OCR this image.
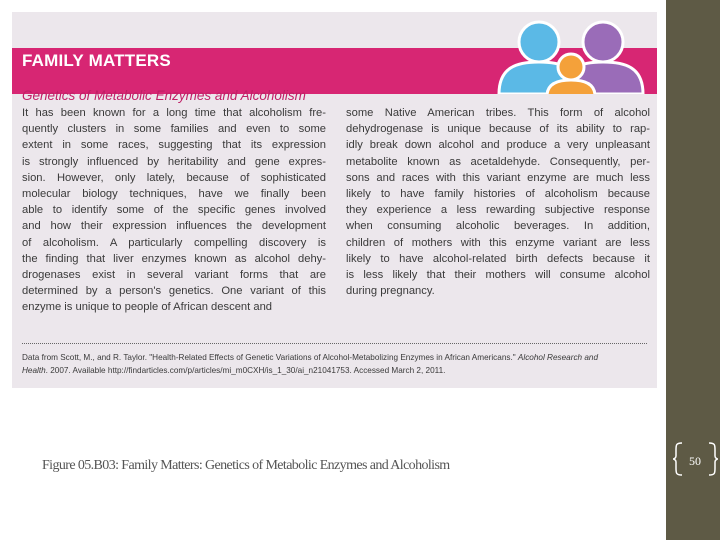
FAMILY MATTERS
Genetics of Metabolic Enzymes and Alcoholism

It has been known for a long time that alcoholism fre-

quently clusters in some families and even to some

extent in some races, suggesting that its expression

is strongly influenced by heritability and gene expres-

sion. However, only lately, because of sophisticated

molecular biology techniques, have we finally been

able to identify some of the specific genes involved

and how their expression influences the development

of alcoholism. A particularly compelling discovery is

the finding that liver enzymes known as alcohol dehy-

drogenases exist in several variant forms that are

determined by a person's genetics. One variant of this

enzyme is unique to people of African descent and

some Native American tribes. This form of alcohol

dehydrogenase is unique because of its ability to rap-

idly break down alcohol and produce a very unpleasant

metabolite known as acetaldehyde. Consequently, per-

sons and races with this variant enzyme are much less

likely to have family histories of alcoholism because

they experience a less rewarding subjective response

when consuming alcoholic beverages. In addition,

children of mothers with this enzyme variant are less

likely to have alcohol-related birth defects because it

is less likely that their mothers will consume alcohol

during pregnancy.

Data from Scott, M., and R. Taylor. "Health-Related Effects of Genetic Variations of Alcohol-Metabolizing Enzymes in African Americans." Alcohol Research and
Health. 2007. Available http://findarticles.com/p/articles/mi_m0CXH/is_1_30/ai_n21041753. Accessed March 2, 2011.
Figure 05.B03: Family Matters: Genetics of Metabolic Enzymes and Alcoholism	50
